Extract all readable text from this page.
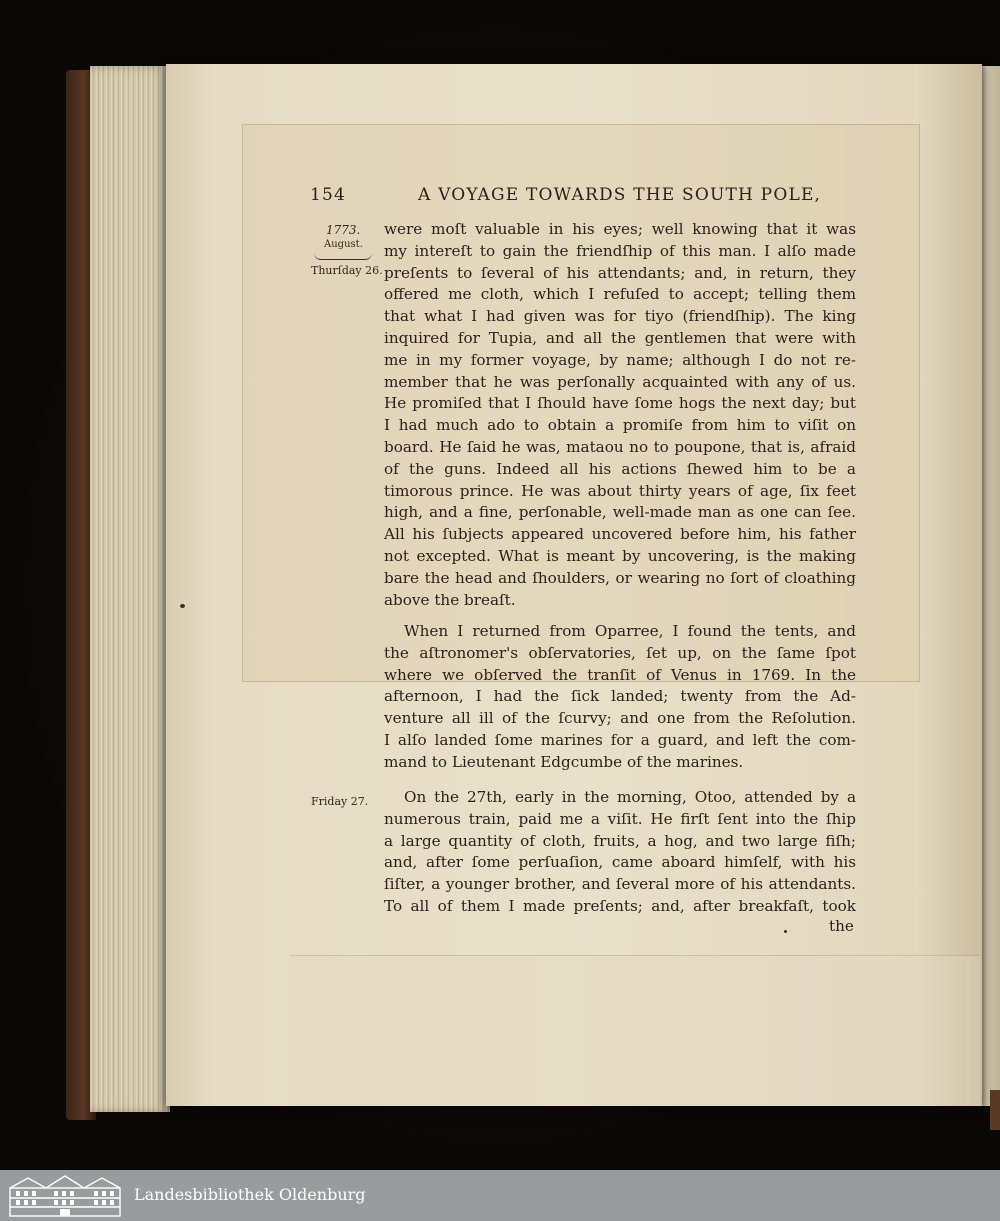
154	A VOYAGE TOWARDS THE SOUTH POLE,
1773.
August.
Thurſday 26.
Friday 27.
were moſt valuable in his eyes; well knowing that it was
my intereſt to gain the friendſhip of this man. I alſo made
preſents to ſeveral of his attendants; and, in return, they
offered me cloth, which I refuſed to accept; telling them
that what I had given was for tiyo (friendſhip). The king
inquired for Tupia, and all the gentlemen that were with
me in my former voyage, by name; although I do not re-
member that he was perſonally acquainted with any of us.
He promiſed that I ſhould have ſome hogs the next day; but
I had much ado to obtain a promiſe from him to viſit on
board. He ſaid he was, mataou no to poupone, that is, afraid
of the guns. Indeed all his actions ſhewed him to be a
timorous prince. He was about thirty years of age, ſix feet
high, and a fine, perſonable, well-made man as one can ſee.
All his ſubjects appeared uncovered before him, his father
not excepted. What is meant by uncovering, is the making
bare the head and ſhoulders, or wearing no ſort of cloathing
above the breaſt.
When I returned from Oparree, I found the tents, and
the aſtronomer's obſervatories, ſet up, on the ſame ſpot
where we obſerved the tranſit of Venus in 1769. In the
afternoon, I had the ſick landed; twenty from the Ad-
venture all ill of the ſcurvy; and one from the Reſolution.
I alſo landed ſome marines for a guard, and left the com-
mand to Lieutenant Edgcumbe of the marines.
On the 27th, early in the morning, Otoo, attended by a
numerous train, paid me a viſit. He firſt ſent into the ſhip
a large quantity of cloth, fruits, a hog, and two large fiſh;
and, after ſome perſuaſion, came aboard himſelf, with his
ſiſter, a younger brother, and ſeveral more of his attendants.
To all of them I made preſents; and, after breakfaſt, took
the
Landesbibliothek Oldenburg
